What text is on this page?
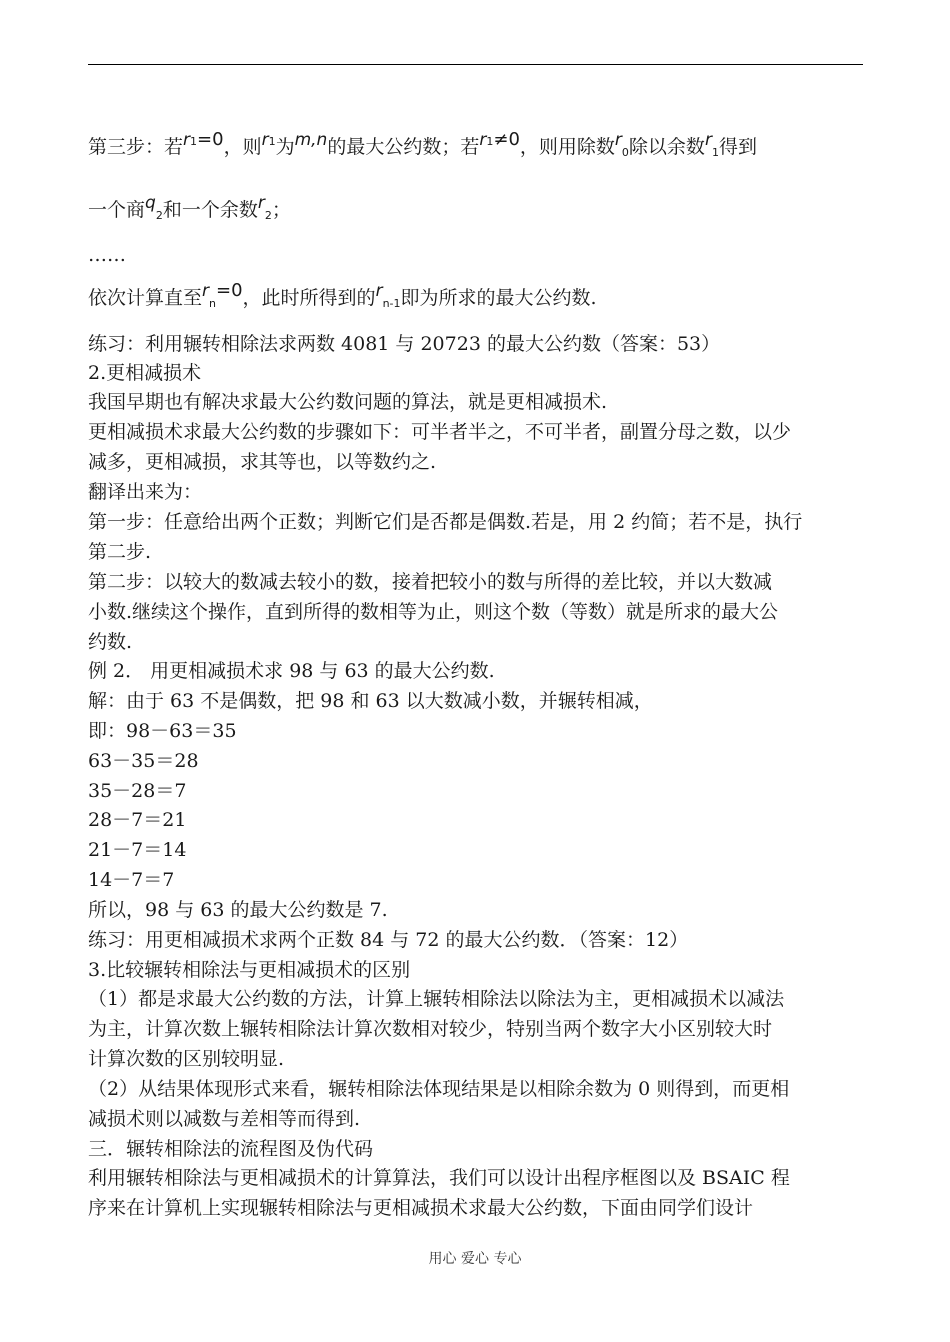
第三步：若$r^1=0$，则$r^1$为m,n的最大公约数；若$r^1\ne 0$，则用除数r0除以余数r1得到
一个商q2和一个余数r2；
……
依次计算直至rn=0，此时所得到的rn-1即为所求的最大公约数.
练习：利用辗转相除法求两数 4081 与 20723 的最大公约数（答案：53）
2.更相减损术
我国早期也有解决求最大公约数问题的算法，就是更相减损术.
更相减损术求最大公约数的步骤如下：可半者半之，不可半者，副置分母之数，以少
减多，更相减损，求其等也，以等数约之.
翻译出来为：
第一步：任意给出两个正数；判断它们是否都是偶数.若是，用 2 约简；若不是，执行
第二步.
第二步：以较大的数减去较小的数，接着把较小的数与所得的差比较，并以大数减
小数.继续这个操作，直到所得的数相等为止，则这个数（等数）就是所求的最大公
约数.
例 2． 用更相减损术求 98 与 63 的最大公约数.
解：由于 63 不是偶数，把 98 和 63 以大数减小数，并辗转相减，
即：98－63＝35
63－35＝28
35－28＝7
28－7＝21
21－7＝14
14－7＝7
所以，98 与 63 的最大公约数是 7.
练习：用更相减损术求两个正数 84 与 72 的最大公约数．（答案：12）
3.比较辗转相除法与更相减损术的区别
（1）都是求最大公约数的方法，计算上辗转相除法以除法为主，更相减损术以减法
为主，计算次数上辗转相除法计算次数相对较少，特别当两个数字大小区别较大时
计算次数的区别较明显.
（2）从结果体现形式来看，辗转相除法体现结果是以相除余数为 0 则得到，而更相
减损术则以减数与差相等而得到.
三．辗转相除法的流程图及伪代码
利用辗转相除法与更相减损术的计算算法，我们可以设计出程序框图以及 BSAIC 程
序来在计算机上实现辗转相除法与更相减损术求最大公约数，下面由同学们设计
用心 爱心 专心
